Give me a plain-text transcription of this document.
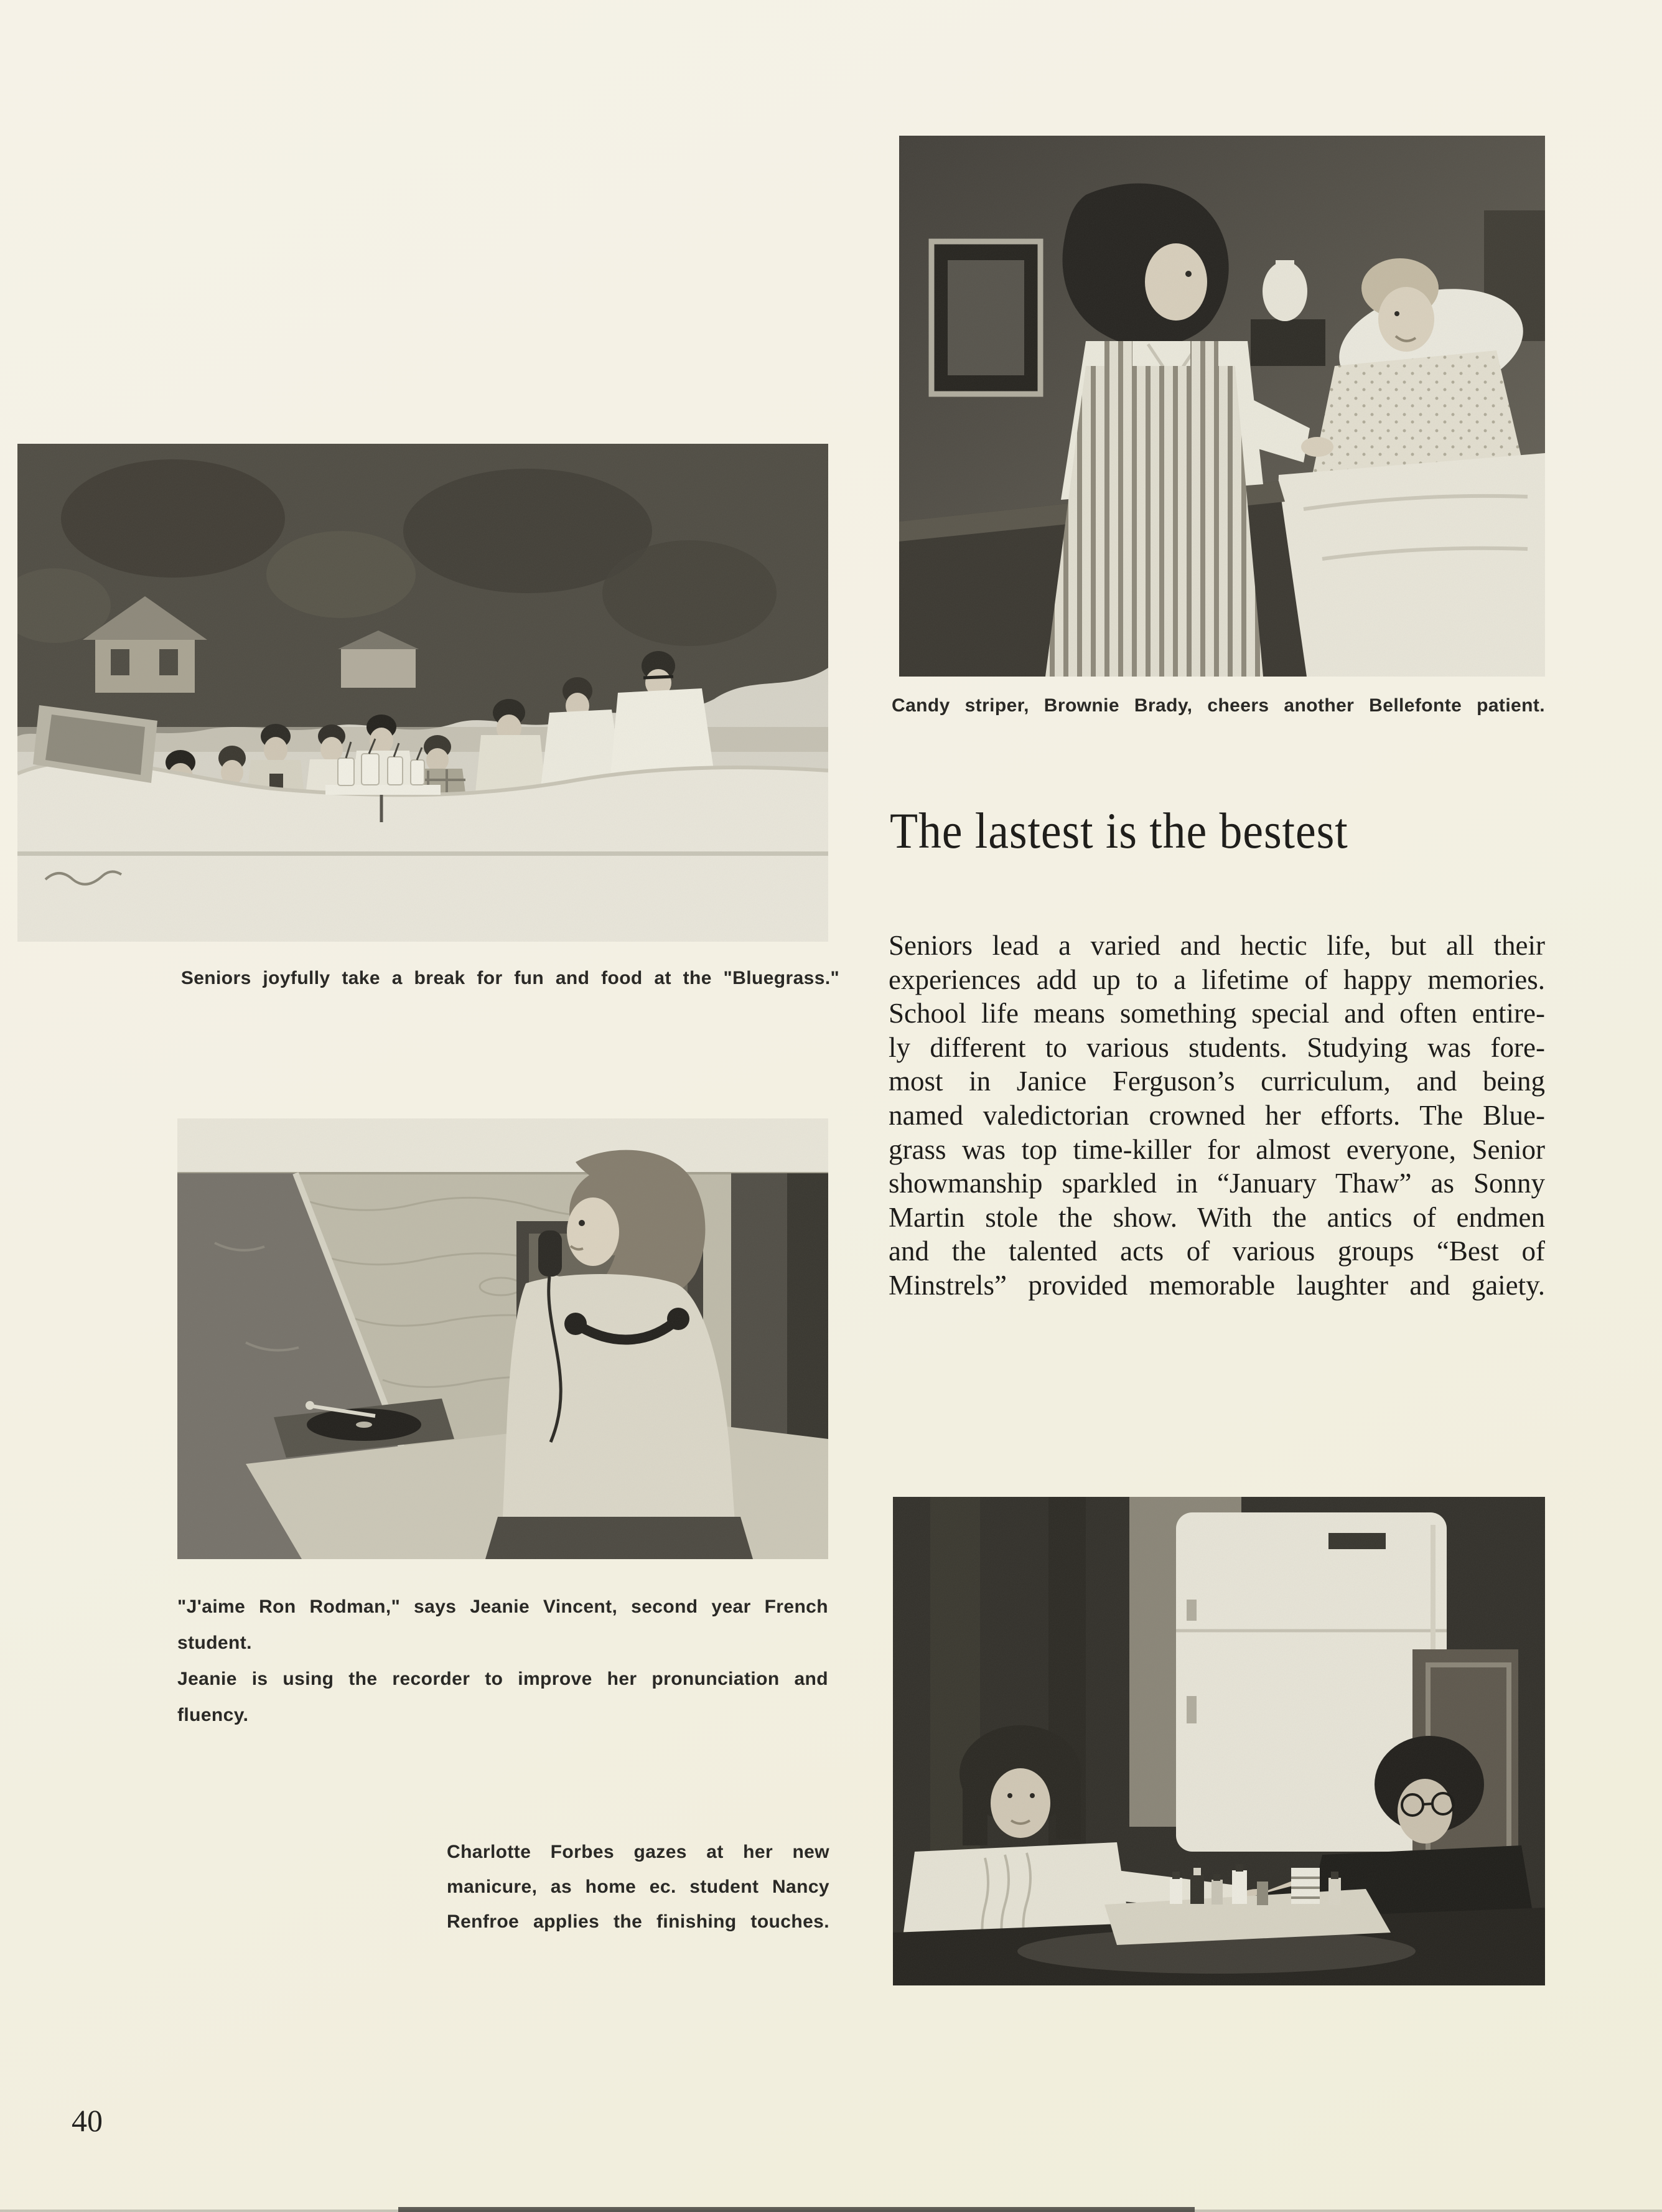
Seniors joyfully take a break for fun and food at the "Bluegrass."
Candy striper, Brownie Brady, cheers another Bellefonte patient.
The lastest is the bestest
Seniors lead a varied and hectic life, but all their
experiences add up to a lifetime of happy memories.
School life means something special and often entire-
ly different to various students. Studying was fore-
most in Janice Ferguson’s curriculum, and being
named valedictorian crowned her efforts. The Blue-
grass was top time-killer for almost everyone, Senior
showmanship sparkled in “January Thaw” as Sonny
Martin stole the show. With the antics of endmen
and the talented acts of various groups “Best of
Minstrels” provided memorable laughter and gaiety.
"J'aime Ron Rodman," says Jeanie Vincent, second year French student.
Jeanie is using the recorder to improve her pronunciation and fluency.
Charlotte Forbes gazes at her new
manicure, as home ec. student Nancy
Renfroe applies the finishing touches.
40
